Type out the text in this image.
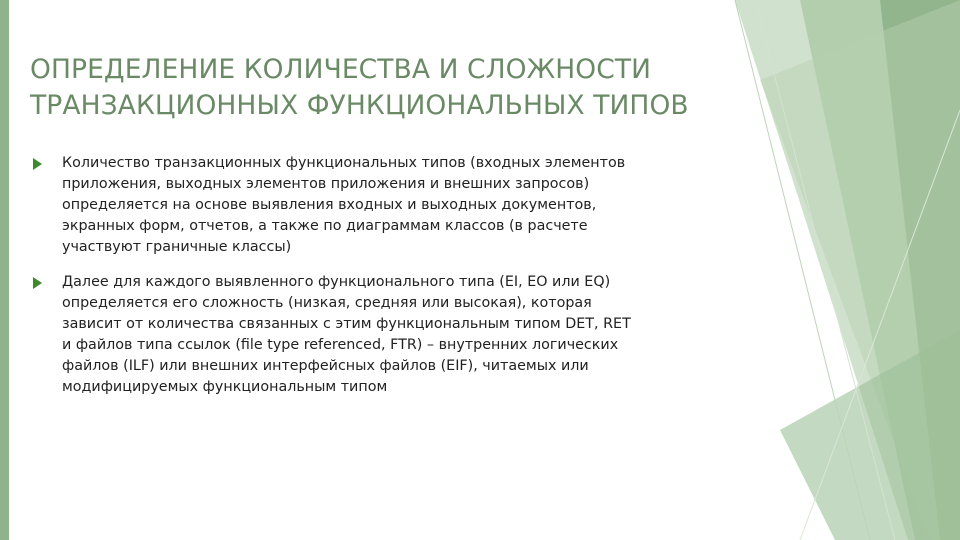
ОПРЕДЕЛЕНИЕ КОЛИЧЕСТВА И СЛОЖНОСТИ
ТРАНЗАКЦИОННЫХ ФУНКЦИОНАЛЬНЫХ ТИПОВ
Количество транзакционных функциональных типов (входных элементов
приложения, выходных элементов приложения и внешних запросов)
определяется на основе выявления входных и выходных документов,
экранных форм, отчетов, а также по диаграммам классов (в расчете
участвуют граничные классы)
Далее для каждого выявленного функционального типа (EI, EO или EQ)
определяется его сложность (низкая, средняя или высокая), которая
зависит от количества связанных с этим функциональным типом DET, RET
и файлов типа ссылок (file type referenced, FTR) – внутренних логических
файлов (ILF) или внешних интерфейсных файлов (EIF), читаемых или
модифицируемых функциональным типом
